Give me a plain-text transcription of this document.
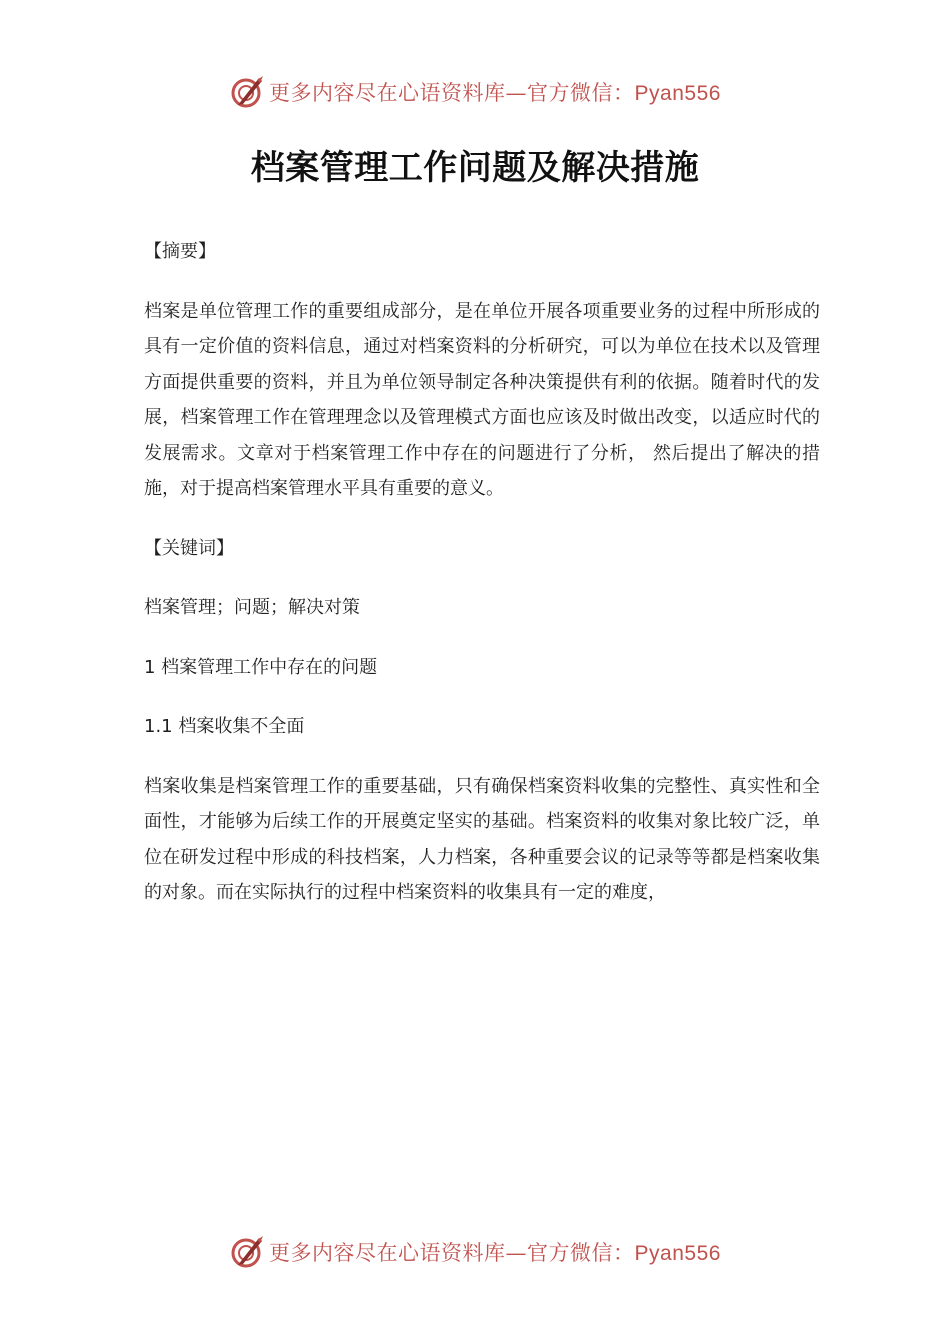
更多内容尽在心语资料库—官方微信：Pyan556
档案管理工作问题及解决措施

【摘要】

档案是单位管理工作的重要组成部分，是在单位开展各项重要业务的过程中所形成的具有一定价值的资料信息，通过对档案资料的分析研究，可以为单位在技术以及管理方面提供重要的资料，并且为单位领导制定各种决策提供有利的依据。随着时代的发展，档案管理工作在管理理念以及管理模式方面也应该及时做出改变，以适应时代的发展需求。文章对于档案管理工作中存在的问题进行了分析， 然后提出了解决的措施，对于提高档案管理水平具有重要的意义。

【关键词】

档案管理；问题；解决对策

1 档案管理工作中存在的问题

1.1 档案收集不全面

档案收集是档案管理工作的重要基础，只有确保档案资料收集的完整性、真实性和全面性，才能够为后续工作的开展奠定坚实的基础。档案资料的收集对象比较广泛，单位在研发过程中形成的科技档案，人力档案，各种重要会议的记录等等都是档案收集的对象。而在实际执行的过程中档案资料的收集具有一定的难度，

更多内容尽在心语资料库—官方微信：Pyan556
